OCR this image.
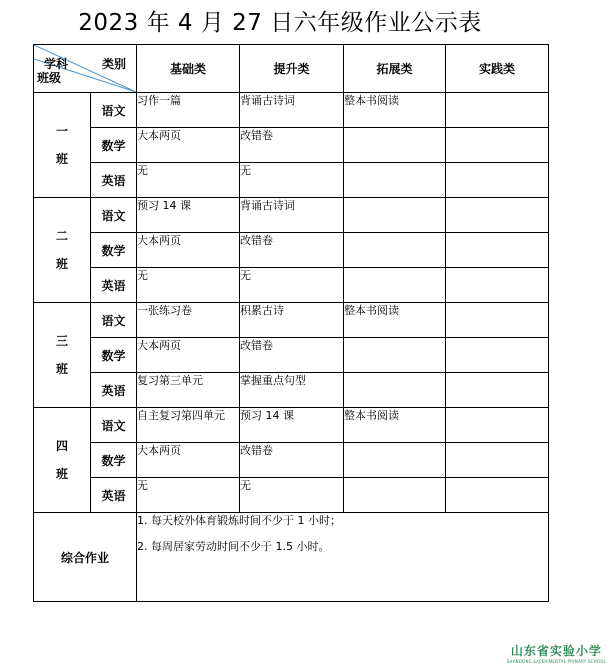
2023 年 4 月 27 日六年级作业公示表
学科 类别
班级		基础类	提升类	拓展类	实践类
一
班	语文	习作一篇	背诵古诗词	整本书阅读	
	数学	大本两页	改错卷		
	英语	无	无		
二
班	语文	预习 14 课	背诵古诗词		
	数学	大本两页	改错卷		
	英语	无	无		
三
班	语文	一张练习卷	积累古诗	整本书阅读	
	数学	大本两页	改错卷		
	英语	复习第三单元	掌握重点句型		
四
班	语文	自主复习第四单元	预习 14 课	整本书阅读	
	数学	大本两页	改错卷		
	英语	无	无		
综合作业		1. 每天校外体育锻炼时间不少于 1 小时；

2. 每周居家劳动时间不少于 1.5 小时。			

山东省实验小学
SHANDONG EXPERIMENTAL PRIMARY SCHOOL
